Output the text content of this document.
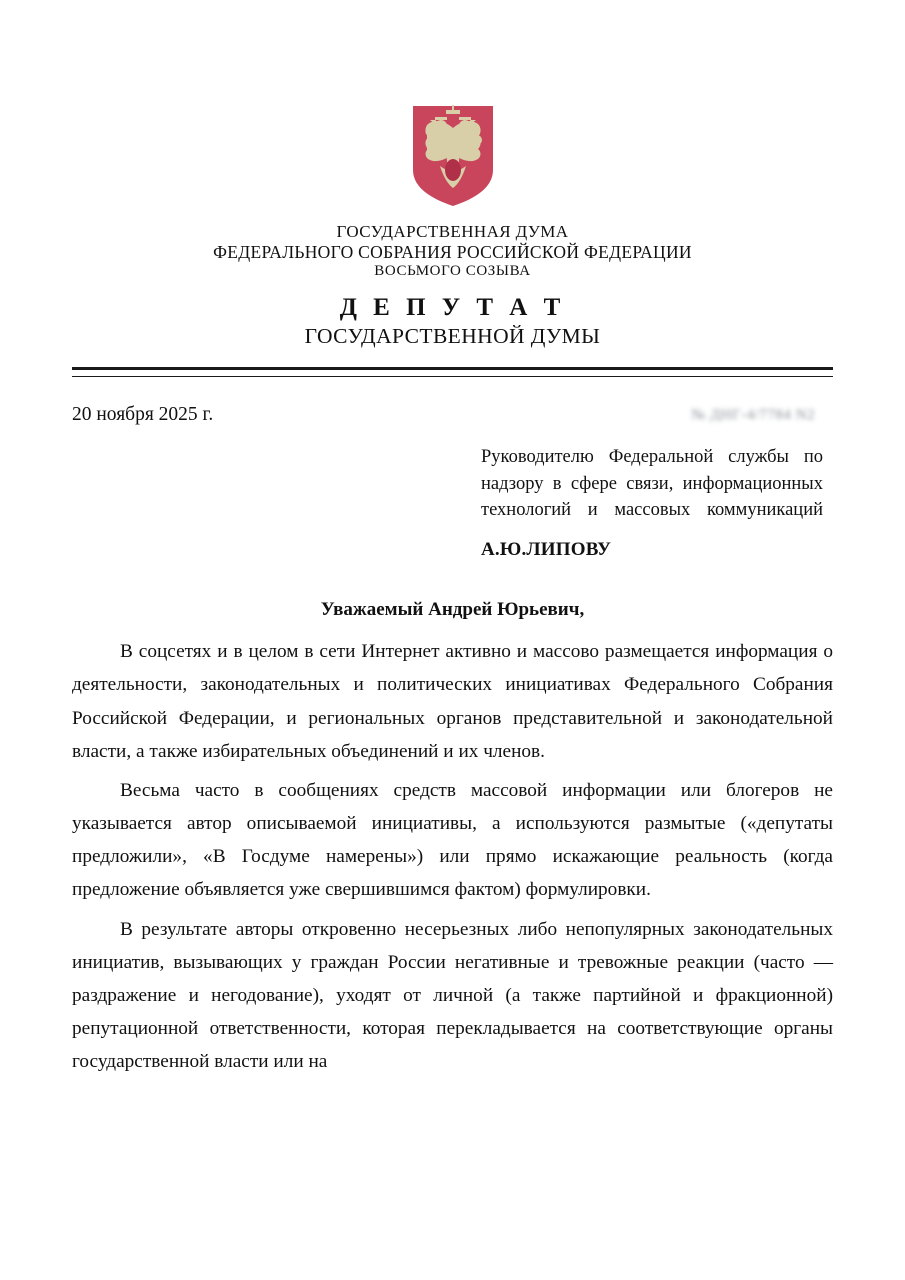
ГОСУДАРСТВЕННАЯ ДУМА
ФЕДЕРАЛЬНОГО СОБРАНИЯ РОССИЙСКОЙ ФЕДЕРАЦИИ
ВОСЬМОГО СОЗЫВА
Д Е П У Т А Т
ГОСУДАРСТВЕННОЙ ДУМЫ
20 ноября 2025 г.	№ ДНГ-4/7784 N2
Руководителю Федеральной службы по надзору в сфере связи, информационных технологий и массовых коммуникаций
А.Ю.ЛИПОВУ
Уважаемый Андрей Юрьевич,

В соцсетях и в целом в сети Интернет активно и массово размещается информация о деятельности, законодательных и политических инициативах Федерального Собрания Российской Федерации, и региональных органов представительной и законодательной власти, а также избирательных объединений и их членов.

Весьма часто в сообщениях средств массовой информации или блогеров не указывается автор описываемой инициативы, а используются размытые («депутаты предложили», «В Госдуме намерены») или прямо искажающие реальность (когда предложение объявляется уже свершившимся фактом) формулировки.

В результате авторы откровенно несерьезных либо непопулярных законодательных инициатив, вызывающих у граждан России негативные и тревожные реакции (часто — раздражение и негодование), уходят от личной (а также партийной и фракционной) репутационной ответственности, которая перекладывается на соответствующие органы государственной власти или на
